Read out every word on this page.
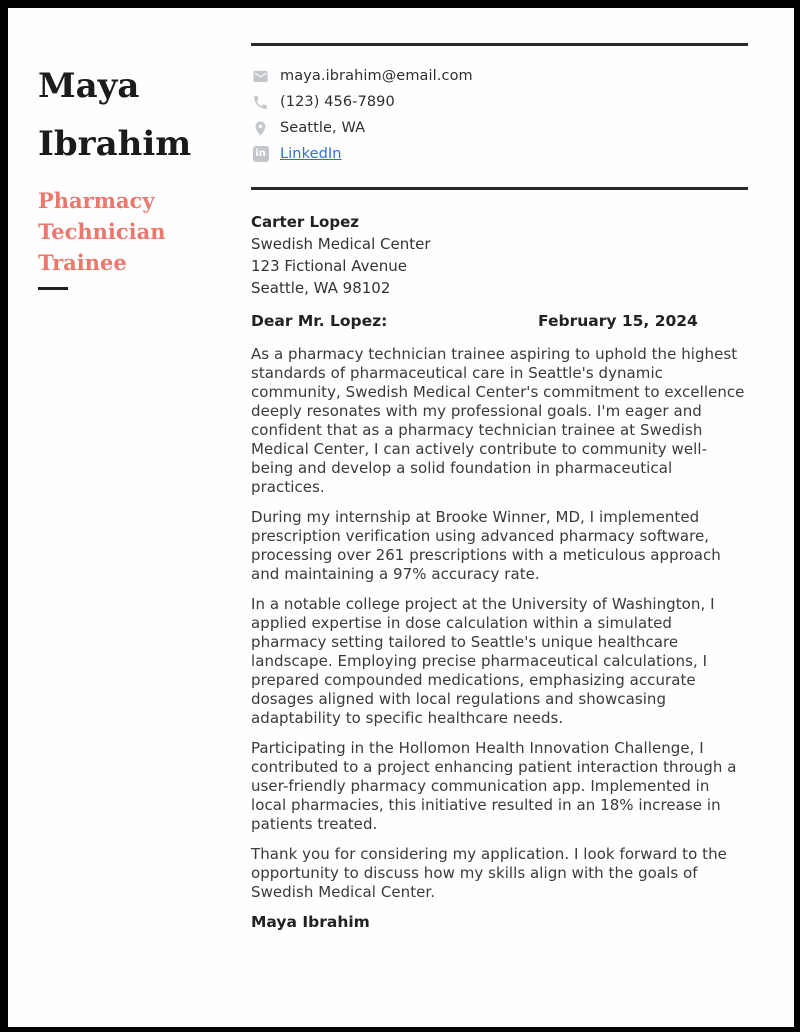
Maya Ibrahim
Pharmacy Technician Trainee
maya.ibrahim@email.com
(123) 456-7890
Seattle, WA
in LinkedIn
Carter Lopez
Swedish Medical Center
123 Fictional Avenue
Seattle, WA 98102
Dear Mr. Lopez:	February 15, 2024

As a pharmacy technician trainee aspiring to uphold the highest standards of pharmaceutical care in Seattle's dynamic community, Swedish Medical Center's commitment to excellence deeply resonates with my professional goals. I'm eager and confident that as a pharmacy technician trainee at Swedish Medical Center, I can actively contribute to community well-being and develop a solid foundation in pharmaceutical practices.

During my internship at Brooke Winner, MD, I implemented prescription verification using advanced pharmacy software, processing over 261 prescriptions with a meticulous approach and maintaining a 97% accuracy rate.

In a notable college project at the University of Washington, I applied expertise in dose calculation within a simulated pharmacy setting tailored to Seattle's unique healthcare landscape. Employing precise pharmaceutical calculations, I prepared compounded medications, emphasizing accurate dosages aligned with local regulations and showcasing adaptability to specific healthcare needs.

Participating in the Hollomon Health Innovation Challenge, I contributed to a project enhancing patient interaction through a user-friendly pharmacy communication app. Implemented in local pharmacies, this initiative resulted in an 18% increase in patients treated.

Thank you for considering my application. I look forward to the opportunity to discuss how my skills align with the goals of Swedish Medical Center.

Maya Ibrahim
